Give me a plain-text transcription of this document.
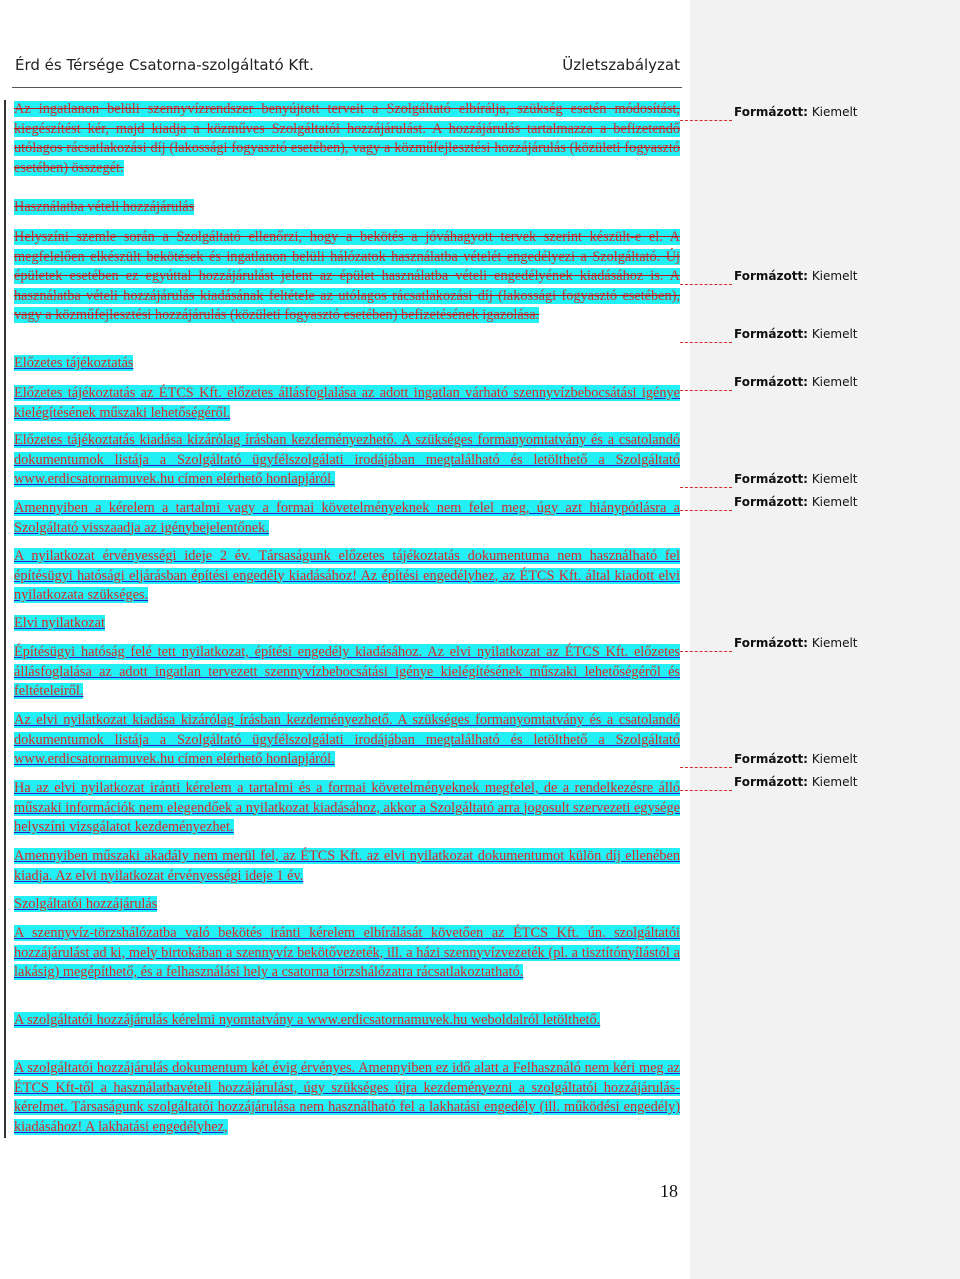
Érd és Térsége Csatorna-szolgáltató Kft.	Üzletszabályzat

Az ingatlanon belüli szennyvízrendszer benyújtott terveit a Szolgáltató elbírálja, szükség esetén módosítást, kiegészítést kér, majd kiadja a közműves Szolgáltatói hozzájárulást. A hozzájárulás tartalmazza a befizetendő utólagos rácsatlakozási díj (lakossági fogyasztó esetében), vagy a közműfejlesztési hozzájárulás (közületi fogyasztó esetében) összegét.

Használatba vételi hozzájárulás

Helyszíni szemle során a Szolgáltató ellenőrzi, hogy a bekötés a jóváhagyott tervek szerint készült-e el. A megfelelően elkészült bekötések és ingatlanon belüli hálózatok használatba vételét engedélyezi a Szolgáltató. Új épületek esetében ez egyúttal hozzájárulást jelent az épület használatba vételi engedélyének kiadásához is. A használatba vételi hozzájárulás kiadásának feltétele az utólagos rácsatlakozási díj (lakossági fogyasztó esetében), vagy a közműfejlesztési hozzájárulás (közületi fogyasztó esetében) befizetésének igazolása.

Előzetes tájékoztatás

Előzetes tájékoztatás az ÉTCS Kft. előzetes állásfoglalása az adott ingatlan várható szennyvízbebocsátási igénye kielégítésének műszaki lehetőségéről.

Előzetes tájékoztatás kiadása kizárólag írásban kezdeményezhető. A szükséges formanyomtatvány és a csatolandó dokumentumok listája a Szolgáltató ügyfélszolgálati irodájában megtalálható és letölthető a Szolgáltató www.erdicsatornamuvek.hu címen elérhető honlapjáról.

Amennyiben a kérelem a tartalmi vagy a formai követelményeknek nem felel meg, úgy azt hiánypótlásra a Szolgáltató visszaadja az igénybejelentőnek.

A nyilatkozat érvényességi ideje 2 év. Társaságunk előzetes tájékoztatás dokumentuma nem használható fel építésügyi hatósági eljárásban építési engedély kiadásához! Az építési engedélyhez, az ÉTCS Kft. által kiadott elvi nyilatkozata szükséges.

Elvi nyilatkozat

Építésügyi hatóság felé tett nyilatkozat, építési engedély kiadásához. Az elvi nyilatkozat az ÉTCS Kft. előzetes állásfoglalása az adott ingatlan tervezett szennyvízbebocsátási igénye kielégítésének műszaki lehetőségéről és feltételeiről.

Az elvi nyilatkozat kiadása kizárólag írásban kezdeményezhető. A szükséges formanyomtatvány és a csatolandó dokumentumok listája a Szolgáltató ügyfélszolgálati irodájában megtalálható és letölthető a Szolgáltató www.erdicsatornamuvek.hu címen elérhető honlapjáról.

Ha az elvi nyilatkozat iránti kérelem a tartalmi és a formai követelményeknek megfelel, de a rendelkezésre álló műszaki információk nem elegendőek a nyilatkozat kiadásához, akkor a Szolgáltató arra jogosult szervezeti egysége helyszíni vizsgálatot kezdeményezhet.

Amennyiben műszaki akadály nem merül fel, az ÉTCS Kft. az elvi nyilatkozat dokumentumot külön díj ellenében kiadja. Az elvi nyilatkozat érvényességi ideje 1 év.

Szolgáltatói hozzájárulás

A szennyvíz-törzshálózatba való bekötés iránti kérelem elbírálását követően az ÉTCS Kft. ún. szolgáltatói hozzájárulást ad ki, mely birtokában a szennyvíz bekötővezeték, ill. a házi szennyvízvezeték (pl. a tisztítónyílástól a lakásig) megépíthető, és a felhasználási hely a csatorna törzshálózatra rácsatlakoztatható.

A szolgáltatói hozzájárulás kérelmi nyomtatvány a www.erdicsatornamuvek.hu weboldalról letölthető.

A szolgáltatói hozzájárulás dokumentum két évig érvényes. Amennyiben ez idő alatt a Felhasználó nem kéri meg az ÉTCS Kft-től a használatbavételi hozzájárulást, úgy szükséges újra kezdeményezni a szolgáltatói hozzájárulás-kérelmet. Társaságunk szolgáltatói hozzájárulása nem használható fel a lakhatási engedély (ill. működési engedély) kiadásához! A lakhatási engedélyhez,

Formázott: Kiemelt
Formázott: Kiemelt
Formázott: Kiemelt
Formázott: Kiemelt
Formázott: Kiemelt
Formázott: Kiemelt
Formázott: Kiemelt
Formázott: Kiemelt
Formázott: Kiemelt
18
